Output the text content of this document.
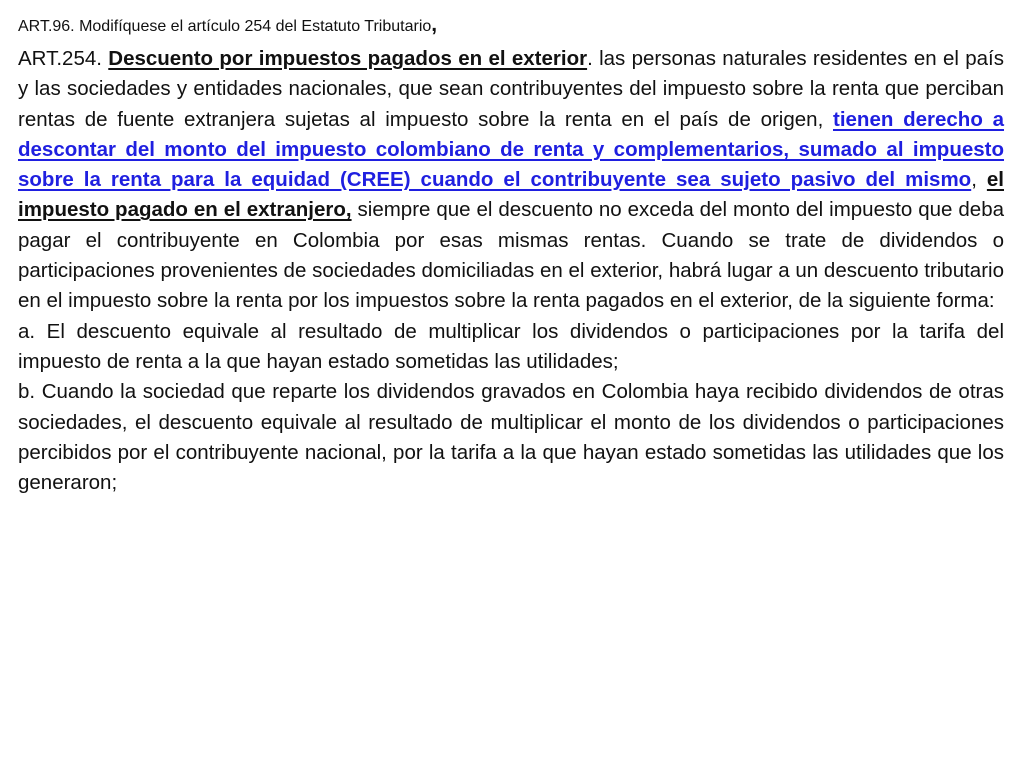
ART.96. Modifíquese el artículo 254 del Estatuto Tributario,

ART.254. Descuento por impuestos pagados en el exterior. las personas naturales residentes en el país y las sociedades y entidades nacionales, que sean contribuyentes del impuesto sobre la renta que perciban rentas de fuente extranjera sujetas al impuesto sobre la renta en el país de origen, tienen derecho a descontar del monto del impuesto colombiano de renta y complementarios, sumado al impuesto sobre la renta para la equidad (CREE) cuando el contribuyente sea sujeto pasivo del mismo, el impuesto pagado en el extranjero, siempre que el descuento no exceda del monto del impuesto que deba pagar el contribuyente en Colombia por esas mismas rentas. Cuando se trate de dividendos o participaciones provenientes de sociedades domiciliadas en el exterior, habrá lugar a un descuento tributario en el impuesto sobre la renta por los impuestos sobre la renta pagados en el exterior, de la siguiente forma:

a. El descuento equivale al resultado de multiplicar los dividendos o participaciones por la tarifa del impuesto de renta a la que hayan estado sometidas las utilidades;

b. Cuando la sociedad que reparte los dividendos gravados en Colombia haya recibido dividendos de otras sociedades, el descuento equivale al resultado de multiplicar el monto de los dividendos o participaciones percibidos por el contribuyente nacional, por la tarifa a la que hayan estado sometidas las utilidades que los generaron;
